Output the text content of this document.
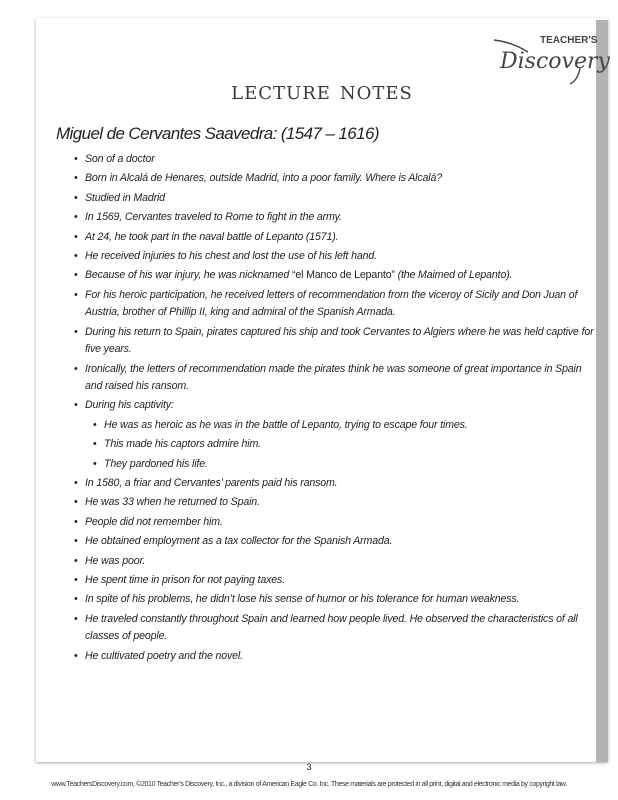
TEACHER'S
Discovery
lecture notes
Miguel de Cervantes Saavedra: (1547 – 1616)
• Son of a doctor
• Born in Alcalá de Henares, outside Madrid, into a poor family. Where is Alcalá?
• Studied in Madrid
• In 1569, Cervantes traveled to Rome to fight in the army.
• At 24, he took part in the naval battle of Lepanto (1571).
• He received injuries to his chest and lost the use of his left hand.
• Because of his war injury, he was nicknamed “el Manco de Lepanto” (the Maimed of Lepanto).
• For his heroic participation, he received letters of recommendation from the viceroy of Sicily and Don Juan of Austria, brother of Phillip II, king and admiral of the Spanish Armada.
• During his return to Spain, pirates captured his ship and took Cervantes to Algiers where he was held captive for five years.
• Ironically, the letters of recommendation made the pirates think he was someone of great importance in Spain and raised his ransom.
• During his captivity:
• He was as heroic as he was in the battle of Lepanto, trying to escape four times.
• This made his captors admire him.
• They pardoned his life.
• In 1580, a friar and Cervantes’ parents paid his ransom.
• He was 33 when he returned to Spain.
• People did not remember him.
• He obtained employment as a tax collector for the Spanish Armada.
• He was poor.
• He spent time in prison for not paying taxes.
• In spite of his problems, he didn’t lose his sense of humor or his tolerance for human weakness.
• He traveled constantly throughout Spain and learned how people lived. He observed the characteristics of all classes of people.
• He cultivated poetry and the novel.
3
www.TeachersDiscovery.com, ©2010 Teacher’s Discovery, Inc., a division of American Eagle Co. Inc. These materials are protected in all print, digital and electronic media by copyright law.
